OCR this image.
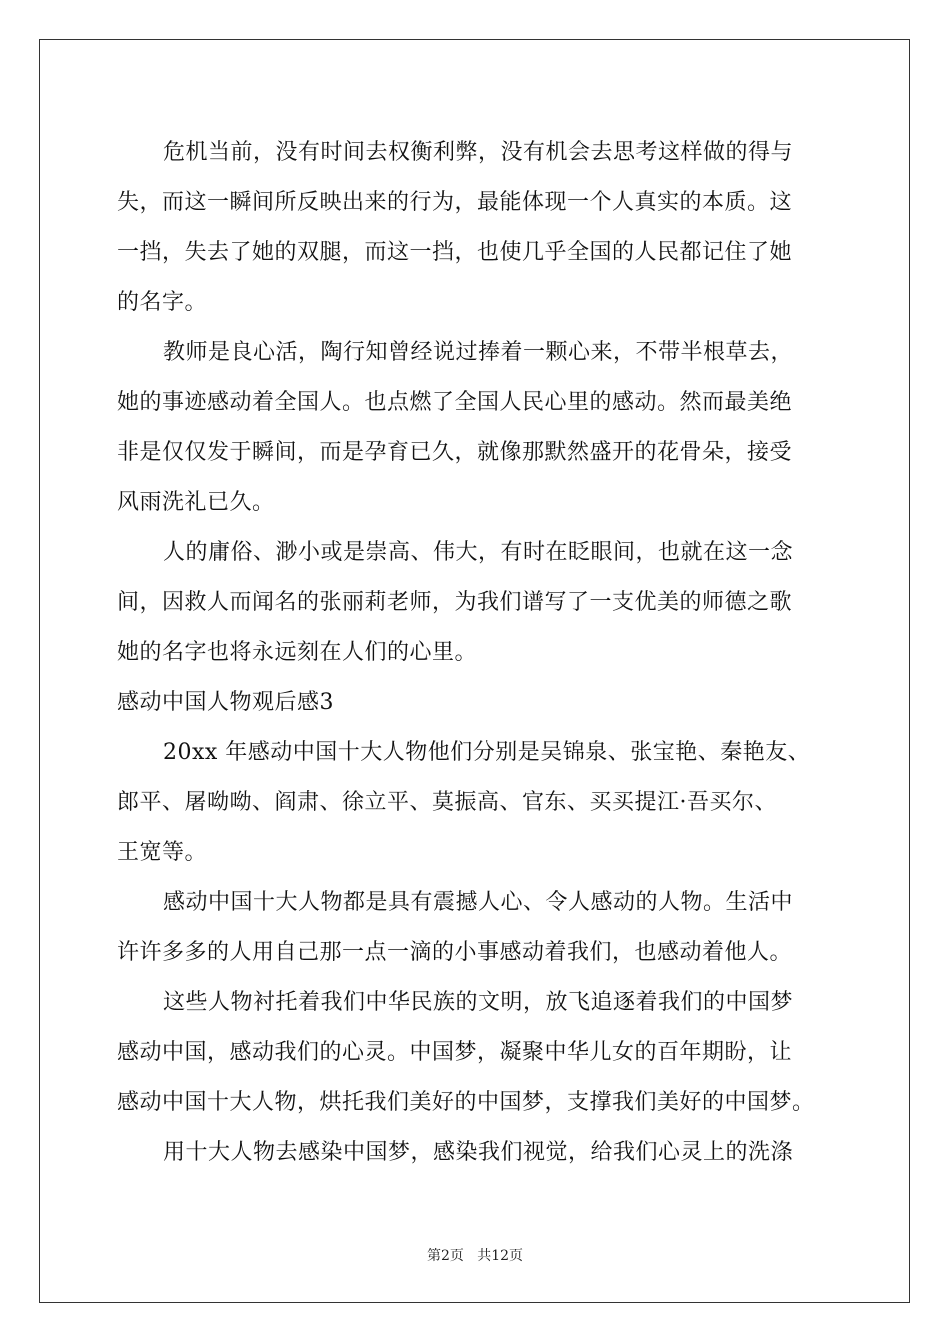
危机当前，没有时间去权衡利弊，没有机会去思考这样做的得与
失，而这一瞬间所反映出来的行为，最能体现一个人真实的本质。这
一挡，失去了她的双腿，而这一挡，也使几乎全国的人民都记住了她
的名字。
教师是良心活，陶行知曾经说过捧着一颗心来，不带半根草去，
她的事迹感动着全国人。也点燃了全国人民心里的感动。然而最美绝
非是仅仅发于瞬间，而是孕育已久，就像那默然盛开的花骨朵，接受
风雨洗礼已久。
人的庸俗、渺小或是崇高、伟大，有时在眨眼间，也就在这一念
间，因救人而闻名的张丽莉老师，为我们谱写了一支优美的师德之歌
她的名字也将永远刻在人们的心里。
感动中国人物观后感3
20xx 年感动中国十大人物他们分别是吴锦泉、张宝艳、秦艳友、
郎平、屠呦呦、阎肃、徐立平、莫振高、官东、买买提江·吾买尔、
王宽等。
感动中国十大人物都是具有震撼人心、令人感动的人物。生活中
许许多多的人用自己那一点一滴的小事感动着我们，也感动着他人。
这些人物衬托着我们中华民族的文明，放飞追逐着我们的中国梦
感动中国，感动我们的心灵。中国梦，凝聚中华儿女的百年期盼，让
感动中国十大人物，烘托我们美好的中国梦，支撑我们美好的中国梦。
用十大人物去感染中国梦，感染我们视觉，给我们心灵上的洗涤
第2页   共12页
